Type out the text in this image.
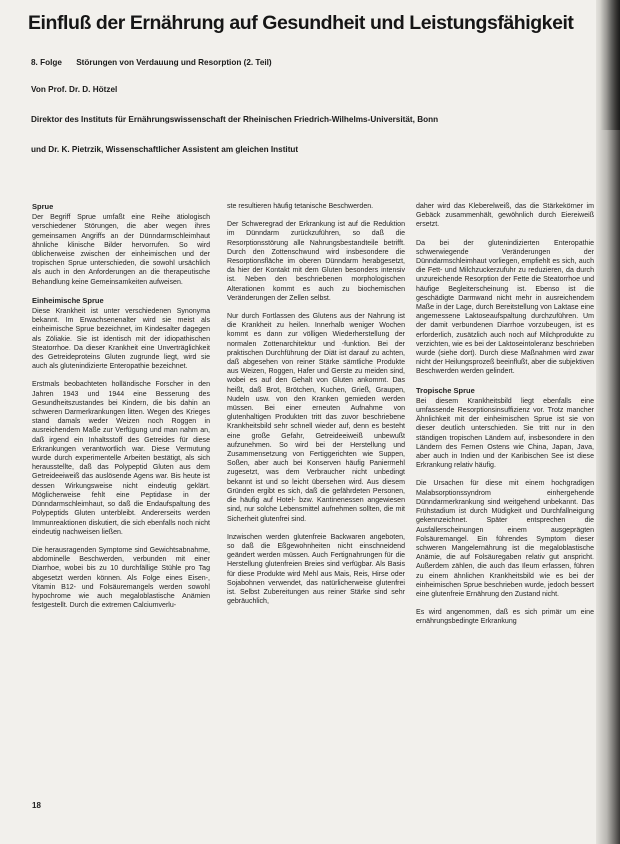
Einfluß der Ernährung auf Gesundheit und Leistungsfähigkeit
8. Folge Störungen von Verdauung und Resorption (2. Teil)
Von Prof. Dr. D. Hötzel
Direktor des Instituts für Ernährungswissenschaft der Rheinischen Friedrich-Wilhelms-Universität, Bonn
und Dr. K. Pietrzik, Wissenschaftlicher Assistent am gleichen Institut
Sprue

Der Begriff Sprue umfaßt eine Reihe ätiologisch verschiedener Störungen, die aber wegen ihres gemeinsamen Angriffs an der Dünndarmschleimhaut ähnliche klinische Bilder hervorrufen. So wird üblicherweise zwischen der einheimischen und der tropischen Sprue unterschieden, die sowohl ursächlich als auch in den Anforderungen an die therapeutische Behandlung keine Gemeinsamkeiten aufweisen.

Einheimische Sprue

Diese Krankheit ist unter verschiedenen Synonyma bekannt. Im Erwachsenenalter wird sie meist als einheimische Sprue bezeichnet, im Kindesalter dagegen als Zöliakie. Sie ist identisch mit der idiopathischen Steatorrhoe. Da dieser Krankheit eine Unverträglichkeit des Getreideproteins Gluten zugrunde liegt, wird sie auch als glutenindizierte Enteropathie bezeichnet.

Erstmals beobachteten holländische Forscher in den Jahren 1943 und 1944 eine Besserung des Gesundheitszustandes bei Kindern, die bis dahin an schweren Darmerkrankungen litten. Wegen des Krieges stand damals weder Weizen noch Roggen in ausreichendem Maße zur Verfügung und man nahm an, daß irgend ein Inhaltsstoff des Getreides für diese Erkrankungen verantwortlich war. Diese Vermutung wurde durch experimentelle Arbeiten bestätigt, als sich herausstellte, daß das Polypeptid Gluten aus dem Getreideeiweiß das auslösende Agens war. Bis heute ist dessen Wirkungsweise nicht eindeutig geklärt. Möglicherweise fehlt eine Peptidase in der Dünndarmschleimhaut, so daß die Endaufspaltung des Polypeptids Gluten unterbleibt. Andererseits werden Immunreaktionen diskutiert, die sich ebenfalls noch nicht eindeutig nachweisen ließen.

Die herausragenden Symptome sind Gewichtsabnahme, abdominelle Beschwerden, verbunden mit einer Diarrhoe, wobei bis zu 10 durchfällige Stühle pro Tag abgesetzt werden können. Als Folge eines Eisen-, Vitamin B12- und Folsäuremangels werden sowohl hypochrome wie auch megaloblastische Anämien festgestellt. Durch die extremen Calciumverlu-

ste resultieren häufig tetanische Beschwerden.

Der Schweregrad der Erkrankung ist auf die Reduktion im Dünndarm zurückzuführen, so daß die Resorptionsstörung alle Nahrungsbestandteile betrifft. Durch den Zottenschwund wird insbesondere die Resorptionsfläche im oberen Dünndarm herabgesetzt, da hier der Kontakt mit dem Gluten besonders intensiv ist. Neben den beschriebenen morphologischen Alterationen kommt es auch zu biochemischen Veränderungen der Zellen selbst.

Nur durch Fortlassen des Glutens aus der Nahrung ist die Krankheit zu heilen. Innerhalb weniger Wochen kommt es dann zur völligen Wiederherstellung der normalen Zottenarchitektur und -funktion. Bei der praktischen Durchführung der Diät ist darauf zu achten, daß abgesehen von reiner Stärke sämtliche Produkte aus Weizen, Roggen, Hafer und Gerste zu meiden sind, wobei es auf den Gehalt von Gluten ankommt. Das heißt, daß Brot, Brötchen, Kuchen, Grieß, Graupen, Nudeln usw. von den Kranken gemieden werden müssen. Bei einer erneuten Aufnahme von glutenhaltigen Produkten tritt das zuvor beschriebene Krankheitsbild sehr schnell wieder auf, denn es besteht eine große Gefahr, Getreideeiweiß unbewußt aufzunehmen. So wird bei der Herstellung und Zusammensetzung von Fertiggerichten wie Suppen, Soßen, aber auch bei Konserven häufig Paniermehl zugesetzt, was dem Verbraucher nicht unbedingt bekannt ist und so leicht übersehen wird. Aus diesem Gründen ergibt es sich, daß die gefährdeten Personen, die häufig auf Hotel- bzw. Kantinenessen angewiesen sind, nur solche Lebensmittel aufnehmen sollten, die mit Sicherheit glutenfrei sind.

Inzwischen werden glutenfreie Backwaren angeboten, so daß die Eßgewohnheiten nicht einschneidend geändert werden müssen. Auch Fertignahrungen für die Herstellung glutenfreien Breies sind verfügbar. Als Basis für diese Produkte wird Mehl aus Mais, Reis, Hirse oder Sojabohnen verwendet, das natürlicherweise glutenfrei ist. Selbst Zubereitungen aus reiner Stärke sind sehr gebräuchlich,

daher wird das Kleberelweiß, das die Stärkekörner im Gebäck zusammenhält, gewöhnlich durch Eiereiweiß ersetzt.

Da bei der glutenindizierten Enteropathie schwerwiegende Veränderungen der Dünndarmschleimhaut vorliegen, empfiehlt es sich, auch die Fett- und Milchzuckerzufuhr zu reduzieren, da durch unzureichende Resorption der Fette die Steatorrhoe und häufige Begleiterscheinung ist. Ebenso ist die geschädigte Darmwand nicht mehr in ausreichendem Maße in der Lage, durch Bereitstellung von Laktase eine angemessene Laktoseaufspaltung durchzuführen. Um der damit verbundenen Diarrhoe vorzubeugen, ist es erforderlich, zusätzlich auch noch auf Milchprodukte zu verzichten, wie es bei der Laktoseintoleranz beschrieben wurde (siehe dort). Durch diese Maßnahmen wird zwar nicht der Heilungsprozeß beeinflußt, aber die subjektiven Beschwerden werden gelindert.

Tropische Sprue

Bei diesem Krankheitsbild liegt ebenfalls eine umfassende Resorptionsinsuffizienz vor. Trotz mancher Ähnlichkeit mit der einheimischen Sprue ist sie von dieser deutlich unterschieden. Sie tritt nur in den ständigen tropischen Ländern auf, insbesondere in den Ländern des Fernen Ostens wie China, Japan, Java, aber auch in Indien und der Karibischen See ist diese Erkrankung relativ häufig.

Die Ursachen für diese mit einem hochgradigen Malabsorptionssyndrom einhergehende Dünndarmerkrankung sind weitgehend unbekannt. Das Frühstadium ist durch Müdigkeit und Durchfallneigung gekennzeichnet. Später entsprechen die Ausfallerscheinungen einem ausgeprägten Folsäuremangel. Ein führendes Symptom dieser schweren Mangelernährung ist die megaloblastische Anämie, die auf Folsäuregaben relativ gut anspricht. Außerdem zählen, die auch das Ileum erfassen, führen zu einem ähnlichen Krankheitsbild wie es bei der einheimischen Sprue beschrieben wurde, jedoch bessert eine glutenfreie Ernährung den Zustand nicht.

Es wird angenommen, daß es sich primär um eine ernährungsbedingte Erkrankung

18
